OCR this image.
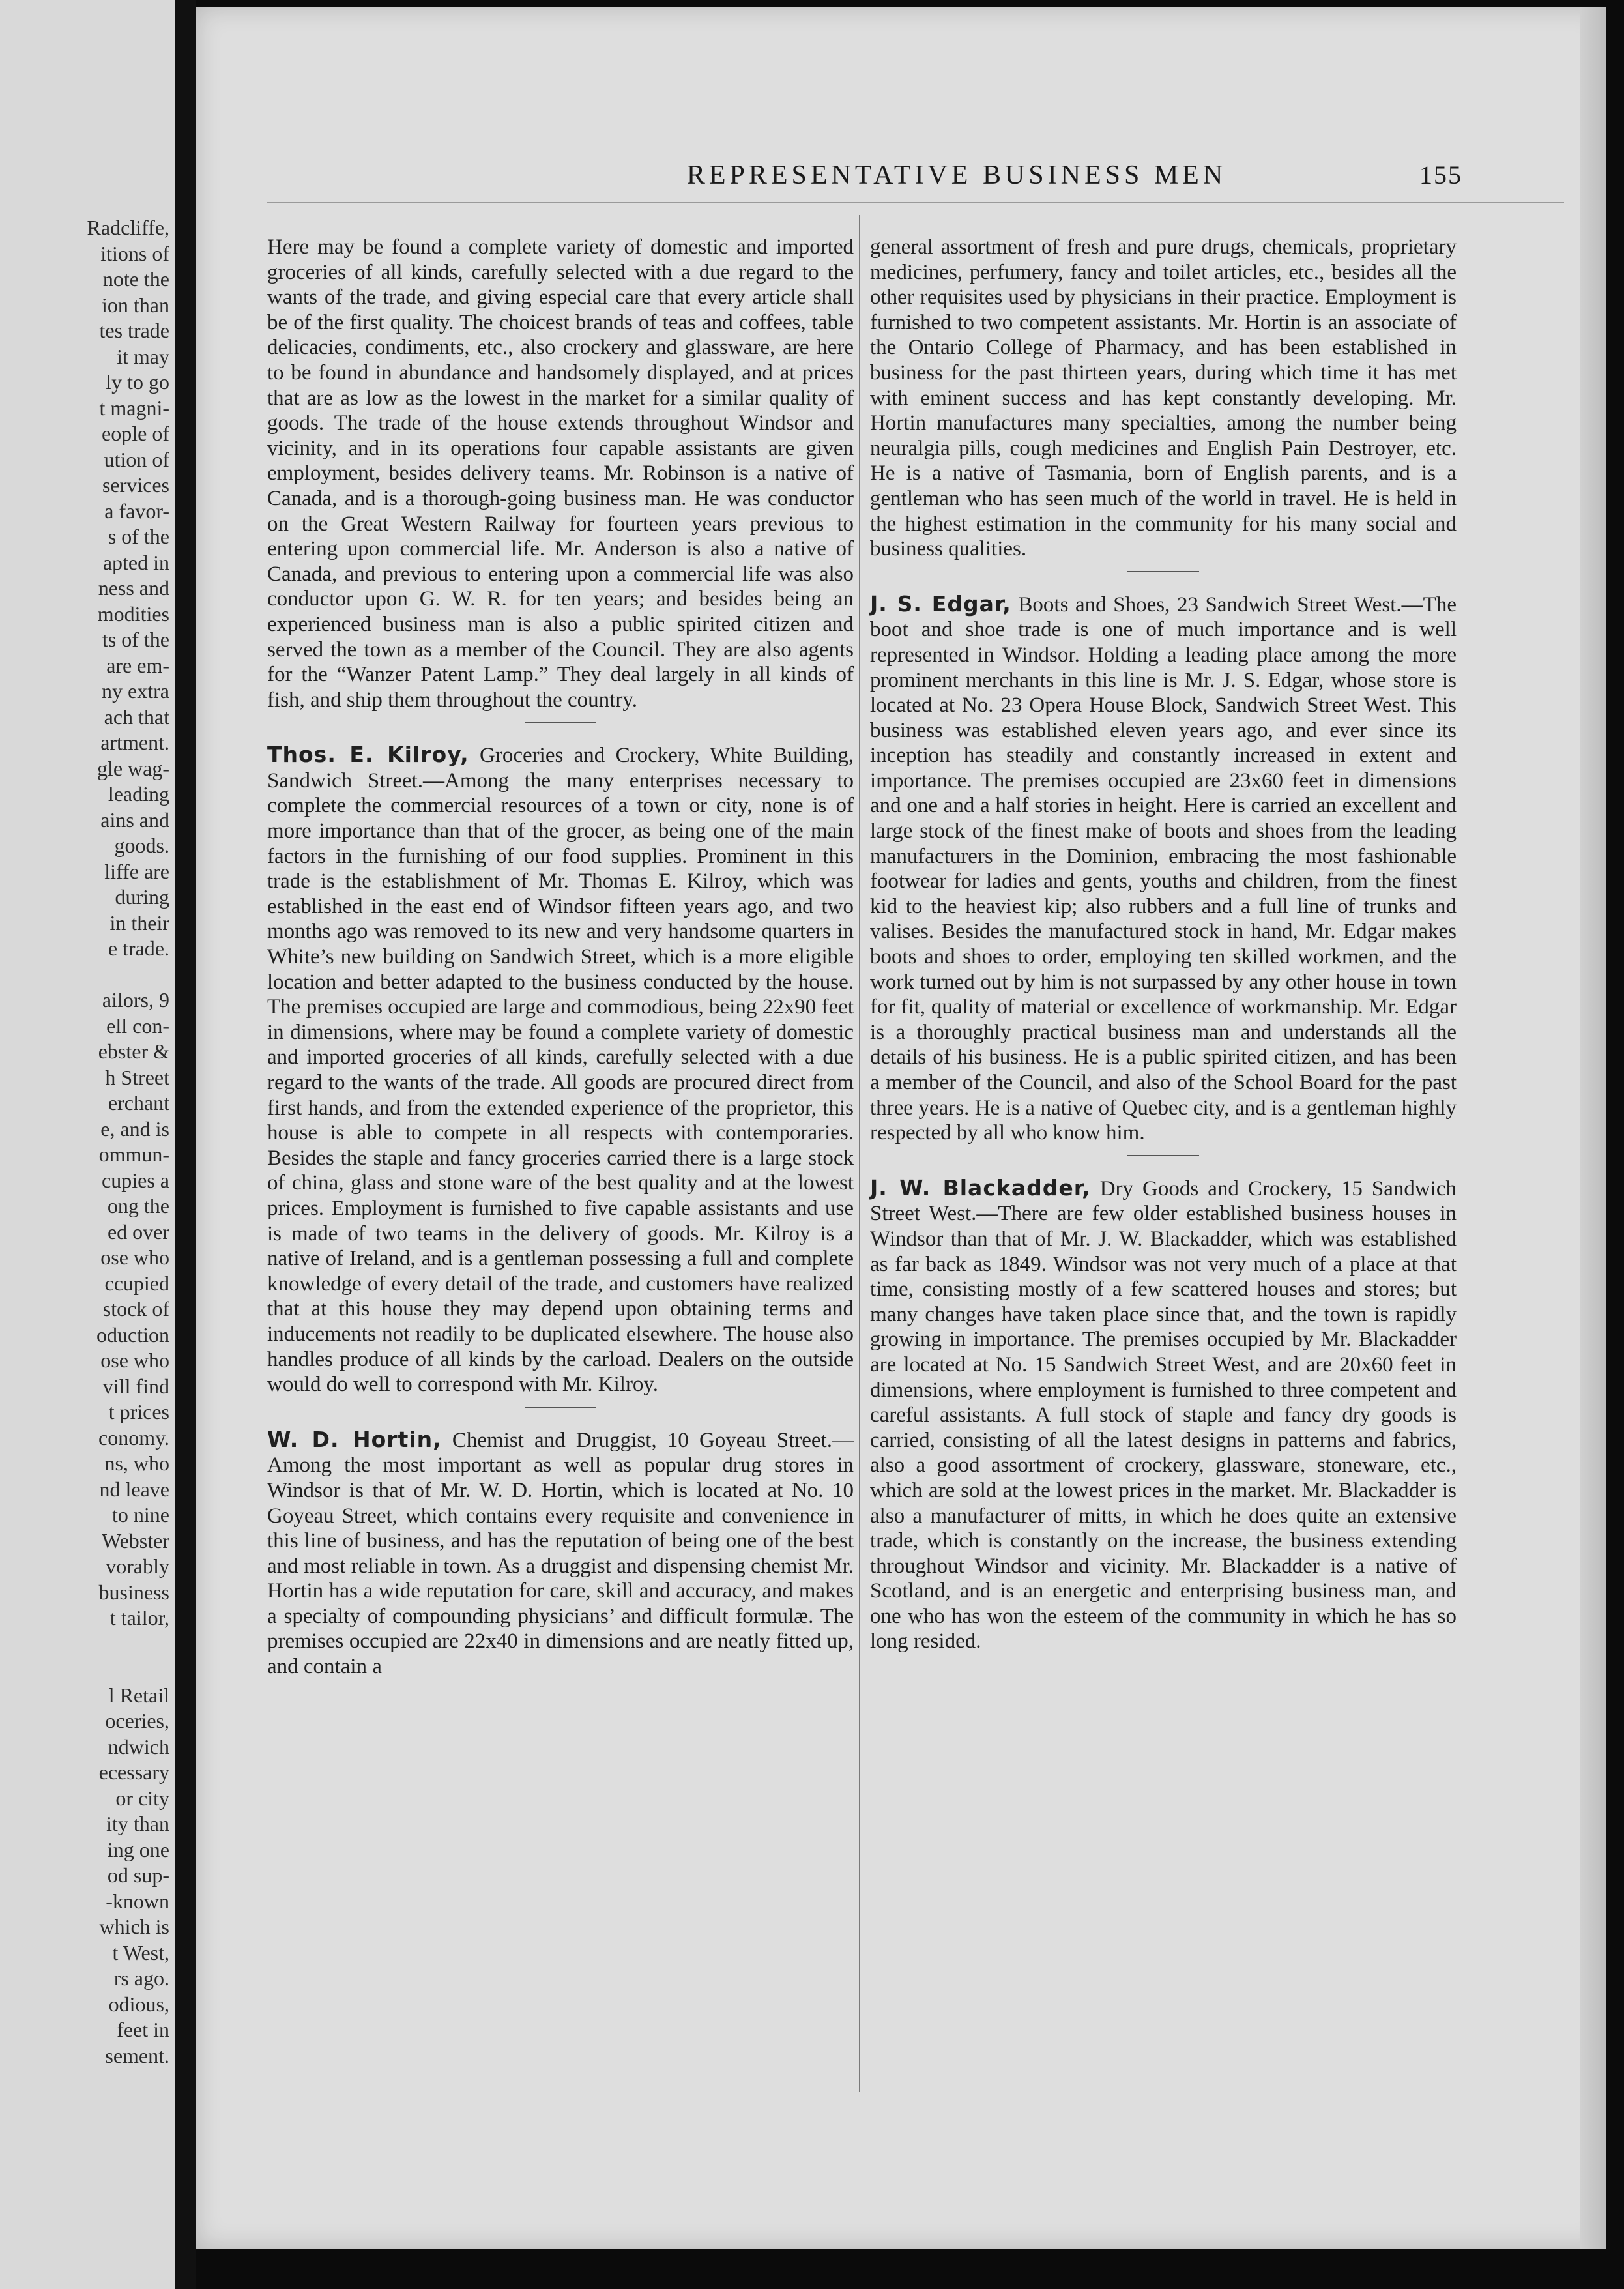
Radcliffe,
itions of
note the
ion than
tes trade
it may
ly to go
t magni-
eople of
ution of
services
a favor-
s of the
apted in
ness and
modities
ts of the
are em-
ny extra
ach that
artment.
gle wag-
leading
ains and
goods.
liffe are
during
in their
e trade.

ailors, 9
ell con-
ebster &
h Street
erchant
e, and is
ommun-
cupies a
ong the
ed over
ose who
ccupied
stock of
oduction
ose who
vill find
t prices
conomy.
ns, who
nd leave
to nine
Webster
vorably
business
t tailor,

l Retail
oceries,
ndwich
ecessary
or city
ity than
ing one
od sup-
-known
which is
t West,
rs ago.
odious,
feet in
sement.
REPRESENTATIVE BUSINESS MEN	155

Here may be found a complete variety of domestic and imported groceries of all kinds, carefully selected with a due regard to the wants of the trade, and giving especial care that every article shall be of the first quality. The choicest brands of teas and coffees, table delicacies, condiments, etc., also crockery and glassware, are here to be found in abundance and handsomely displayed, and at prices that are as low as the lowest in the market for a similar quality of goods. The trade of the house extends throughout Windsor and vicinity, and in its operations four capable assistants are given employment, besides delivery teams. Mr. Robinson is a native of Canada, and is a thorough-going business man. He was conductor on the Great Western Railway for fourteen years previous to entering upon commercial life. Mr. Anderson is also a native of Canada, and previous to entering upon a commercial life was also conductor upon G. W. R. for ten years; and besides being an experienced business man is also a public spirited citizen and served the town as a member of the Council. They are also agents for the “Wanzer Patent Lamp.” They deal largely in all kinds of fish, and ship them throughout the country.

Thos. E. Kilroy, Groceries and Crockery, White Building, Sandwich Street.—Among the many enterprises necessary to complete the commercial resources of a town or city, none is of more importance than that of the grocer, as being one of the main factors in the furnishing of our food supplies. Prominent in this trade is the establishment of Mr. Thomas E. Kilroy, which was established in the east end of Windsor fifteen years ago, and two months ago was removed to its new and very handsome quarters in White’s new building on Sandwich Street, which is a more eligible location and better adapted to the business conducted by the house. The premises occupied are large and commodious, being 22x90 feet in dimensions, where may be found a complete variety of domestic and imported groceries of all kinds, carefully selected with a due regard to the wants of the trade. All goods are procured direct from first hands, and from the extended experience of the proprietor, this house is able to compete in all respects with contemporaries. Besides the staple and fancy groceries carried there is a large stock of china, glass and stone ware of the best quality and at the lowest prices. Employment is furnished to five capable assistants and use is made of two teams in the delivery of goods. Mr. Kilroy is a native of Ireland, and is a gentleman possessing a full and complete knowledge of every detail of the trade, and customers have realized that at this house they may depend upon obtaining terms and inducements not readily to be duplicated elsewhere. The house also handles produce of all kinds by the carload. Dealers on the outside would do well to correspond with Mr. Kilroy.

W. D. Hortin, Chemist and Druggist, 10 Goyeau Street.—Among the most important as well as popular drug stores in Windsor is that of Mr. W. D. Hortin, which is located at No. 10 Goyeau Street, which contains every requisite and convenience in this line of business, and has the reputation of being one of the best and most reliable in town. As a druggist and dispensing chemist Mr. Hortin has a wide reputation for care, skill and accuracy, and makes a specialty of compounding physicians’ and difficult formulæ. The premises occupied are 22x40 in dimensions and are neatly fitted up, and contain a

general assortment of fresh and pure drugs, chemicals, proprietary medicines, perfumery, fancy and toilet articles, etc., besides all the other requisites used by physicians in their practice. Employment is furnished to two competent assistants. Mr. Hortin is an associate of the Ontario College of Pharmacy, and has been established in business for the past thirteen years, during which time it has met with eminent success and has kept constantly developing. Mr. Hortin manufactures many specialties, among the number being neuralgia pills, cough medicines and English Pain Destroyer, etc. He is a native of Tasmania, born of English parents, and is a gentleman who has seen much of the world in travel. He is held in the highest estimation in the community for his many social and business qualities.

J. S. Edgar, Boots and Shoes, 23 Sandwich Street West.—The boot and shoe trade is one of much importance and is well represented in Windsor. Holding a leading place among the more prominent merchants in this line is Mr. J. S. Edgar, whose store is located at No. 23 Opera House Block, Sandwich Street West. This business was established eleven years ago, and ever since its inception has steadily and constantly increased in extent and importance. The premises occupied are 23x60 feet in dimensions and one and a half stories in height. Here is carried an excellent and large stock of the finest make of boots and shoes from the leading manufacturers in the Dominion, embracing the most fashionable footwear for ladies and gents, youths and children, from the finest kid to the heaviest kip; also rubbers and a full line of trunks and valises. Besides the manufactured stock in hand, Mr. Edgar makes boots and shoes to order, employing ten skilled workmen, and the work turned out by him is not surpassed by any other house in town for fit, quality of material or excellence of workmanship. Mr. Edgar is a thoroughly practical business man and understands all the details of his business. He is a public spirited citizen, and has been a member of the Council, and also of the School Board for the past three years. He is a native of Quebec city, and is a gentleman highly respected by all who know him.

J. W. Blackadder, Dry Goods and Crockery, 15 Sandwich Street West.—There are few older established business houses in Windsor than that of Mr. J. W. Blackadder, which was established as far back as 1849. Windsor was not very much of a place at that time, consisting mostly of a few scattered houses and stores; but many changes have taken place since that, and the town is rapidly growing in importance. The premises occupied by Mr. Blackadder are located at No. 15 Sandwich Street West, and are 20x60 feet in dimensions, where employment is furnished to three competent and careful assistants. A full stock of staple and fancy dry goods is carried, consisting of all the latest designs in patterns and fabrics, also a good assortment of crockery, glassware, stoneware, etc., which are sold at the lowest prices in the market. Mr. Blackadder is also a manufacturer of mitts, in which he does quite an extensive trade, which is constantly on the increase, the business extending throughout Windsor and vicinity. Mr. Blackadder is a native of Scotland, and is an energetic and enterprising business man, and one who has won the esteem of the community in which he has so long resided.
